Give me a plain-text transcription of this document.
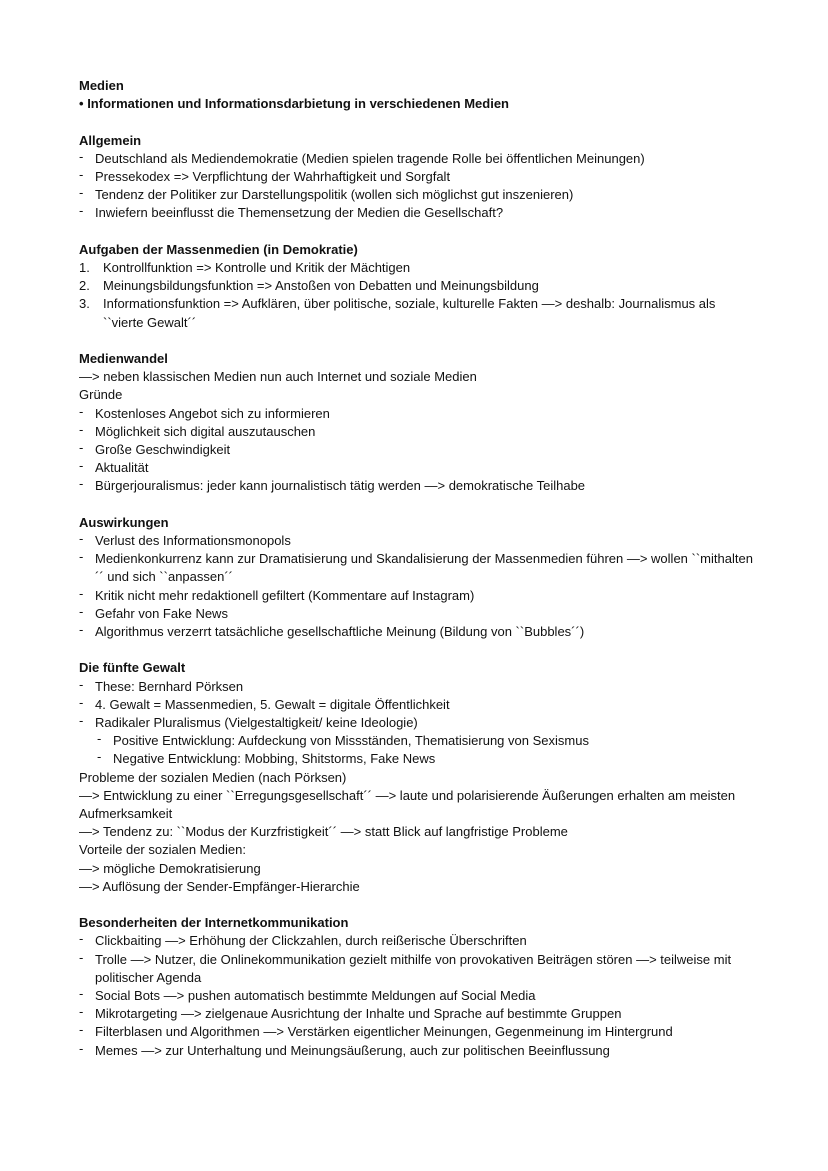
Medien
• Informationen und Informationsdarbietung in verschiedenen Medien
Allgemein
- Deutschland als Mediendemokratie (Medien spielen tragende Rolle bei öffentlichen Meinungen)
- Pressekodex => Verpflichtung der Wahrhaftigkeit und Sorgfalt
- Tendenz der Politiker zur Darstellungspolitik (wollen sich möglichst gut inszenieren)
- Inwiefern beeinflusst die Themensetzung der Medien die Gesellschaft?
Aufgaben der Massenmedien (in Demokratie)
1. Kontrollfunktion => Kontrolle und Kritik der Mächtigen
2. Meinungsbildungsfunktion => Anstoßen von Debatten und Meinungsbildung
3. Informationsfunktion => Aufklären, über politische, soziale, kulturelle Fakten —> deshalb: Journalismus als ``vierte Gewalt´´
Medienwandel
—> neben klassischen Medien nun auch Internet und soziale Medien
Gründe
- Kostenloses Angebot sich zu informieren
- Möglichkeit sich digital auszutauschen
- Große Geschwindigkeit
- Aktualität
- Bürgerjouralismus: jeder kann journalistisch tätig werden —> demokratische Teilhabe
Auswirkungen
- Verlust des Informationsmonopols
- Medienkonkurrenz kann zur Dramatisierung und Skandalisierung der Massenmedien führen —> wollen ``mithalten´´ und sich ``anpassen´´
- Kritik nicht mehr redaktionell gefiltert (Kommentare auf Instagram)
- Gefahr von Fake News
- Algorithmus verzerrt tatsächliche gesellschaftliche Meinung (Bildung von ``Bubbles´´)
Die fünfte Gewalt
- These: Bernhard Pörksen
- 4. Gewalt = Massenmedien, 5. Gewalt = digitale Öffentlichkeit
- Radikaler Pluralismus (Vielgestaltigkeit/ keine Ideologie)
- Positive Entwicklung: Aufdeckung von Missständen, Thematisierung von Sexismus
- Negative Entwicklung: Mobbing, Shitstorms, Fake News
Probleme der sozialen Medien (nach Pörksen)
—> Entwicklung zu einer ``Erregungsgesellschaft´´ —> laute und polarisierende Äußerungen erhalten am meisten Aufmerksamkeit
—> Tendenz zu: ``Modus der Kurzfristigkeit´´ —> statt Blick auf langfristige Probleme
Vorteile der sozialen Medien:
—> mögliche Demokratisierung
—> Auflösung der Sender-Empfänger-Hierarchie
Besonderheiten der Internetkommunikation
- Clickbaiting —> Erhöhung der Clickzahlen, durch reißerische Überschriften
- Trolle —> Nutzer, die Onlinekommunikation gezielt mithilfe von provokativen Beiträgen stören —> teilweise mit politischer Agenda
- Social Bots —> pushen automatisch bestimmte Meldungen auf Social Media
- Mikrotargeting —> zielgenaue Ausrichtung der Inhalte und Sprache auf bestimmte Gruppen
- Filterblasen und Algorithmen —> Verstärken eigentlicher Meinungen, Gegenmeinung im Hintergrund
- Memes —> zur Unterhaltung und Meinungsäußerung, auch zur politischen Beeinflussung
